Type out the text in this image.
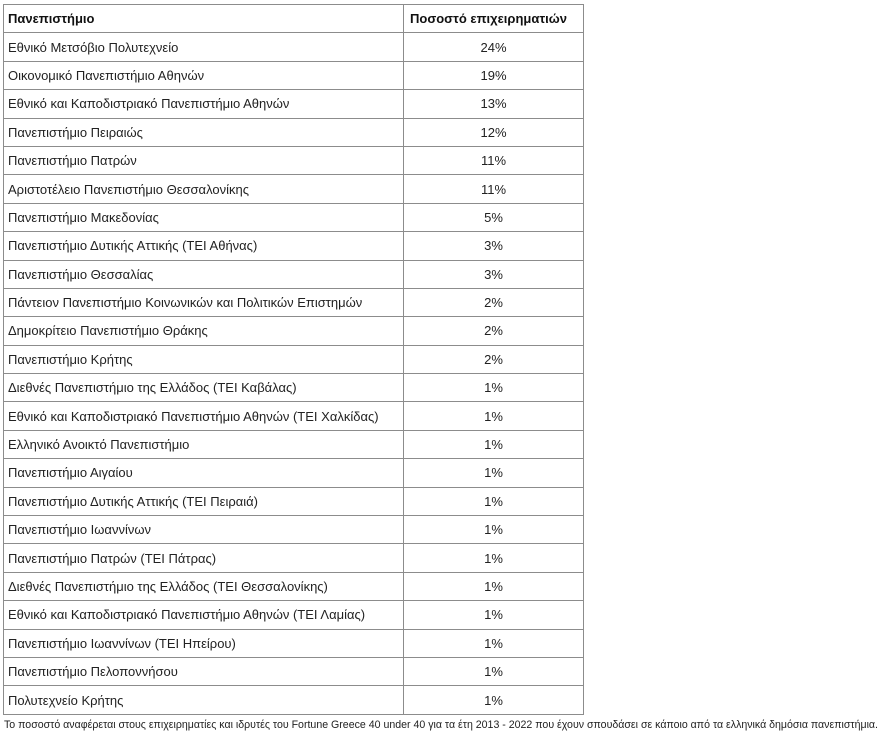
Πανεπιστήμιο	Ποσοστό επιχειρηματιών
Εθνικό Μετσόβιο Πολυτεχνείο	24%
Οικονομικό Πανεπιστήμιο Αθηνών	19%
Εθνικό και Καποδιστριακό Πανεπιστήμιο Αθηνών	13%
Πανεπιστήμιο Πειραιώς	12%
Πανεπιστήμιο Πατρών	11%
Αριστοτέλειο Πανεπιστήμιο Θεσσαλονίκης	11%
Πανεπιστήμιο Μακεδονίας	5%
Πανεπιστήμιο Δυτικής Αττικής (ΤΕΙ Αθήνας)	3%
Πανεπιστήμιο Θεσσαλίας	3%
Πάντειον Πανεπιστήμιο Κοινωνικών και Πολιτικών Επιστημών	2%
Δημοκρίτειο Πανεπιστήμιο Θράκης	2%
Πανεπιστήμιο Κρήτης	2%
Διεθνές Πανεπιστήμιο της Ελλάδος (ΤΕΙ Καβάλας)	1%
Εθνικό και Καποδιστριακό Πανεπιστήμιο Αθηνών (ΤΕΙ Χαλκίδας)	1%
Ελληνικό Ανοικτό Πανεπιστήμιο	1%
Πανεπιστήμιο Αιγαίου	1%
Πανεπιστήμιο Δυτικής Αττικής (ΤΕΙ Πειραιά)	1%
Πανεπιστήμιο Ιωαννίνων	1%
Πανεπιστήμιο Πατρών (ΤΕΙ Πάτρας)	1%
Διεθνές Πανεπιστήμιο της Ελλάδος (ΤΕΙ Θεσσαλονίκης)	1%
Εθνικό και Καποδιστριακό Πανεπιστήμιο Αθηνών (ΤΕΙ Λαμίας)	1%
Πανεπιστήμιο Ιωαννίνων (ΤΕΙ Ηπείρου)	1%
Πανεπιστήμιο Πελοποννήσου	1%
Πολυτεχνείο Κρήτης	1%
Το ποσοστό αναφέρεται στους επιχειρηματίες και ιδρυτές του Fortune Greece 40 under 40 για τα έτη 2013 - 2022 που έχουν σπουδάσει σε κάποιο από τα ελληνικά δημόσια πανεπιστήμια.
